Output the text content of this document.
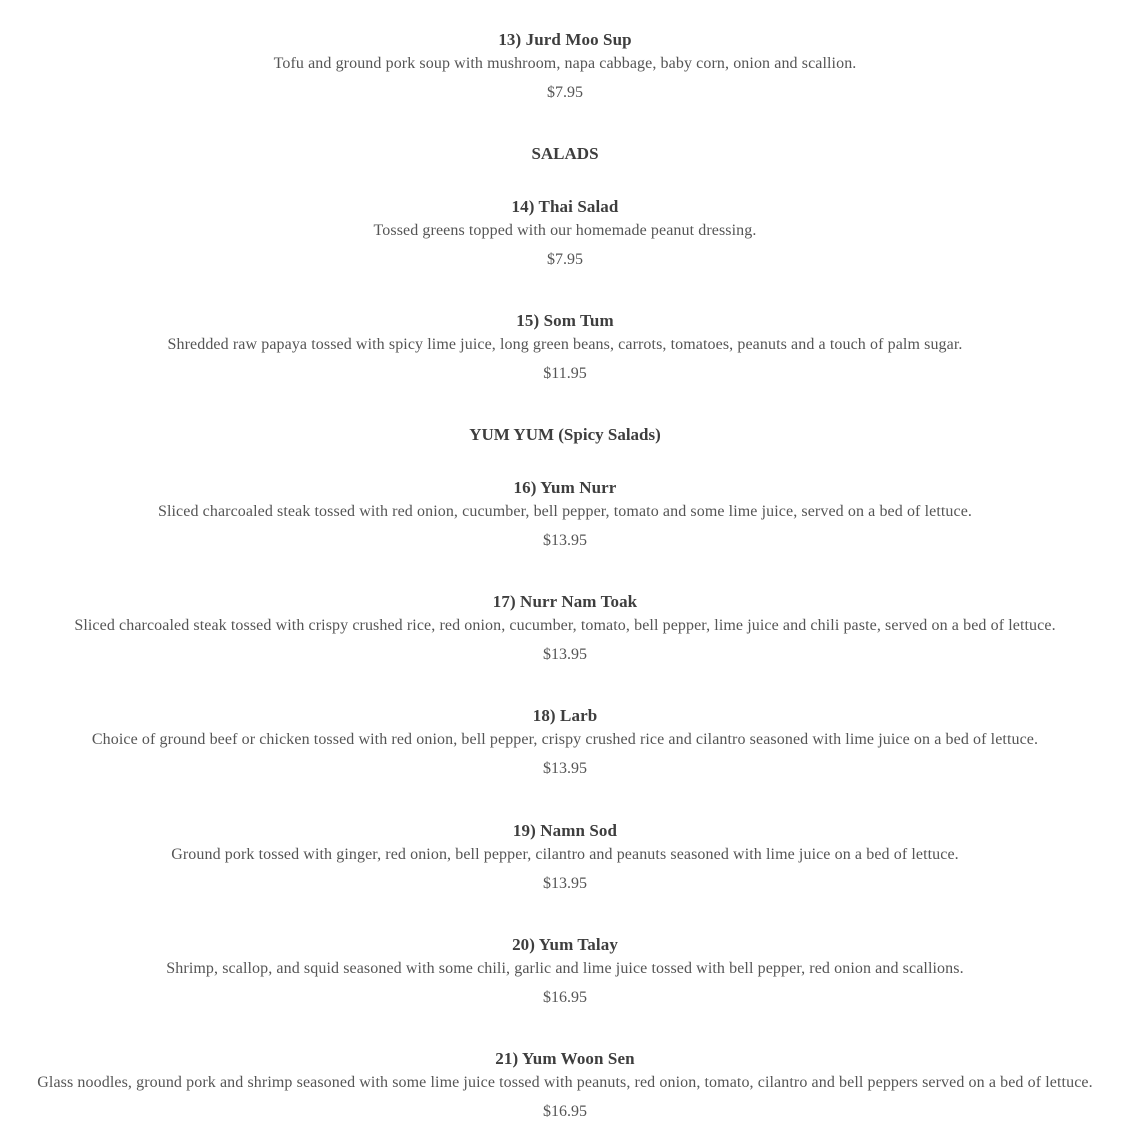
13) Jurd Moo Sup
Tofu and ground pork soup with mushroom, napa cabbage, baby corn, onion and scallion.
$7.95
SALADS
14) Thai Salad
Tossed greens topped with our homemade peanut dressing.
$7.95
15) Som Tum
Shredded raw papaya tossed with spicy lime juice, long green beans, carrots, tomatoes, peanuts and a touch of palm sugar.
$11.95
YUM YUM (Spicy Salads)
16) Yum Nurr
Sliced charcoaled steak tossed with red onion, cucumber, bell pepper, tomato and some lime juice, served on a bed of lettuce.
$13.95
17) Nurr Nam Toak
Sliced charcoaled steak tossed with crispy crushed rice, red onion, cucumber, tomato, bell pepper, lime juice and chili paste, served on a bed of lettuce.
$13.95
18) Larb
Choice of ground beef or chicken tossed with red onion, bell pepper, crispy crushed rice and cilantro seasoned with lime juice on a bed of lettuce.
$13.95
19) Namn Sod
Ground pork tossed with ginger, red onion, bell pepper, cilantro and peanuts seasoned with lime juice on a bed of lettuce.
$13.95
20) Yum Talay
Shrimp, scallop, and squid seasoned with some chili, garlic and lime juice tossed with bell pepper, red onion and scallions.
$16.95
21) Yum Woon Sen
Glass noodles, ground pork and shrimp seasoned with some lime juice tossed with peanuts, red onion, tomato, cilantro and bell peppers served on a bed of lettuce.
$16.95
